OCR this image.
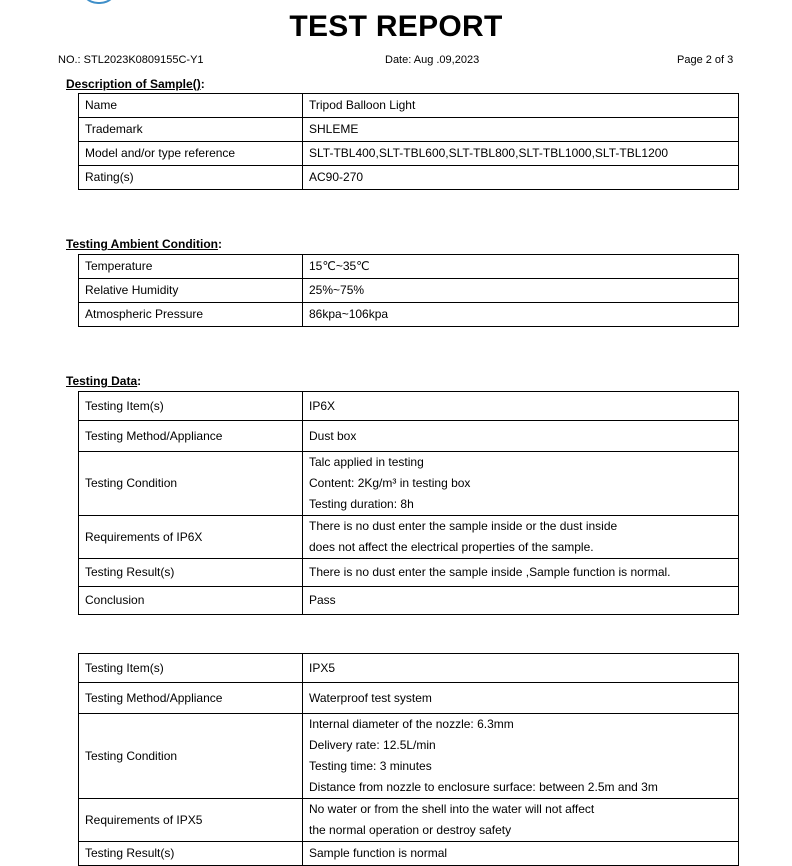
TEST REPORT
NO.: STL2023K0809155C-Y1	Date: Aug .09,2023	Page 2 of 3
Description of Sample():
Name	Tripod Balloon Light
Trademark	SHLEME
Model and/or type reference	SLT-TBL400,SLT-TBL600,SLT-TBL800,SLT-TBL1000,SLT-TBL1200
Rating(s)	AC90-270
Testing Ambient Condition:
Temperature	15℃~35℃
Relative Humidity	25%~75%
Atmospheric Pressure	86kpa~106kpa
Testing Data:
Testing Item(s)	IP6X
Testing Method/Appliance	Dust box
Testing Condition	Talc applied in testing
Content: 2Kg/m³ in testing box
Testing duration: 8h

Requirements of IP6X	There is no dust enter the sample inside or the dust inside
does not affect the electrical properties of the sample.

Testing Result(s)	There is no dust enter the sample inside ,Sample function is normal.
Conclusion	Pass
Testing Item(s)	IPX5
Testing Method/Appliance	Waterproof test system
Testing Condition	Internal diameter of the nozzle: 6.3mm
Delivery rate: 12.5L/min
Testing time: 3 minutes
Distance from nozzle to enclosure surface: between 2.5m and 3m

Requirements of IPX5	No water or from the shell into the water will not affect
the normal operation or destroy safety

Testing Result(s)	Sample function is normal
